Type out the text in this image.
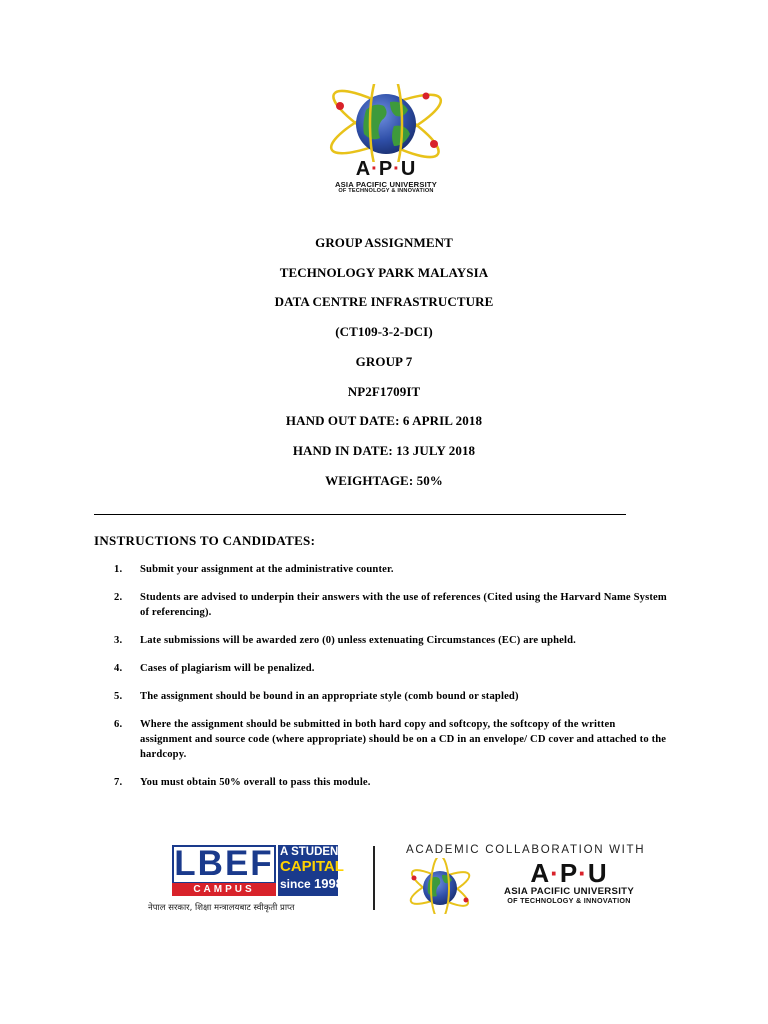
A·P·U
ASIA PACIFIC UNIVERSITY
OF TECHNOLOGY & INNOVATION
GROUP ASSIGNMENT
TECHNOLOGY PARK MALAYSIA
DATA CENTRE INFRASTRUCTURE
(CT109-3-2-DCI)
GROUP 7
NP2F1709IT
HAND OUT DATE: 6 APRIL 2018
HAND IN DATE: 13 JULY 2018
WEIGHTAGE: 50%
INSTRUCTIONS TO CANDIDATES:
1. Submit your assignment at the administrative counter.
2. Students are advised to underpin their answers with the use of references (Cited using the Harvard Name System of referencing).
3. Late submissions will be awarded zero (0) unless extenuating Circumstances (EC) are upheld.
4. Cases of plagiarism will be penalized.
5. The assignment should be bound in an appropriate style (comb bound or stapled)
6. Where the assignment should be submitted in both hard copy and softcopy, the softcopy of the written assignment and source code (where appropriate) should be on a CD in an envelope/ CD cover and attached to the hardcopy.
7. You must obtain 50% overall to pass this module.
LBEF
CAMPUS
A STUDENT
CAPITAL
since 1998
नेपाल सरकार, शिक्षा मन्त्रालयबाट स्वीकृती प्राप्त
ACADEMIC COLLABORATION WITH
A·P·U
ASIA PACIFIC UNIVERSITY
OF TECHNOLOGY & INNOVATION
